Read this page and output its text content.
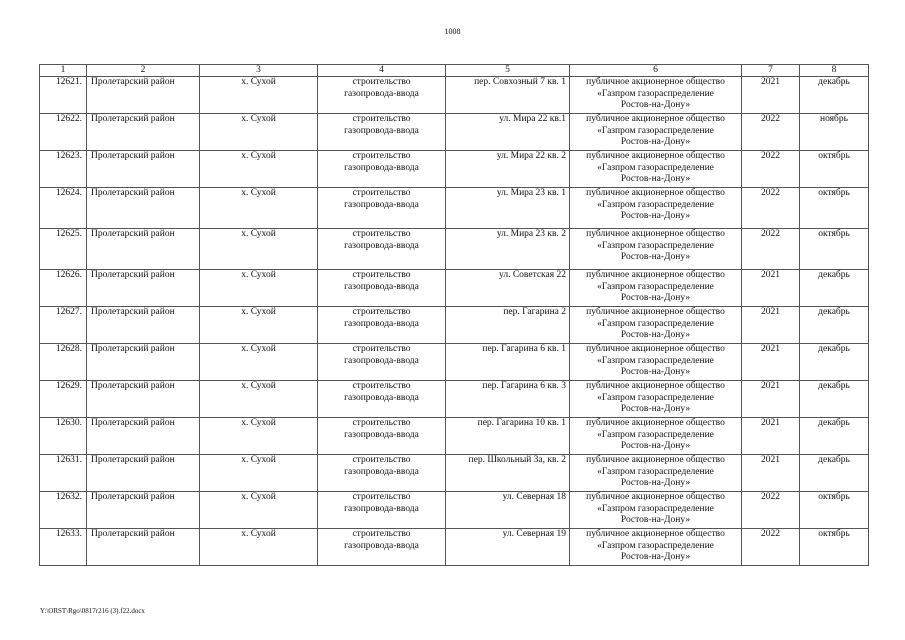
1008
1	2	3	4	5	6	7	8
12621.	Пролетарский район	х. Сухой	строительство
газопровода-ввода	пер. Совхозный 7 кв. 1	публичное акционерное общество
«Газпром газораспределение
Ростов-на-Дону»	2021	декабрь
12622.	Пролетарский район	х. Сухой	строительство
газопровода-ввода	ул. Мира 22 кв.1	публичное акционерное общество
«Газпром газораспределение
Ростов-на-Дону»	2022	ноябрь
12623.	Пролетарский район	х. Сухой	строительство
газопровода-ввода	ул. Мира 22 кв. 2	публичное акционерное общество
«Газпром газораспределение
Ростов-на-Дону»	2022	октябрь
12624.	Пролетарский район	х. Сухой	строительство
газопровода-ввода	ул. Мира 23 кв. 1	публичное акционерное общество
«Газпром газораспределение
Ростов-на-Дону»	2022	октябрь
12625.	Пролетарский район	х. Сухой	строительство
газопровода-ввода	ул. Мира 23 кв. 2	публичное акционерное общество
«Газпром газораспределение
Ростов-на-Дону»	2022	октябрь
12626.	Пролетарский район	х. Сухой	строительство
газопровода-ввода	ул. Советская 22	публичное акционерное общество
«Газпром газораспределение
Ростов-на-Дону»	2021	декабрь
12627.	Пролетарский район	х. Сухой	строительство
газопровода-ввода	пер. Гагарина 2	публичное акционерное общество
«Газпром газораспределение
Ростов-на-Дону»	2021	декабрь
12628.	Пролетарский район	х. Сухой	строительство
газопровода-ввода	пер. Гагарина 6 кв. 1	публичное акционерное общество
«Газпром газораспределение
Ростов-на-Дону»	2021	декабрь
12629.	Пролетарский район	х. Сухой	строительство
газопровода-ввода	пер. Гагарина 6 кв. 3	публичное акционерное общество
«Газпром газораспределение
Ростов-на-Дону»	2021	декабрь
12630.	Пролетарский район	х. Сухой	строительство
газопровода-ввода	пер. Гагарина 10 кв. 1	публичное акционерное общество
«Газпром газораспределение
Ростов-на-Дону»	2021	декабрь
12631.	Пролетарский район	х. Сухой	строительство
газопровода-ввода	пер. Школьный 3а, кв. 2	публичное акционерное общество
«Газпром газораспределение
Ростов-на-Дону»	2021	декабрь
12632.	Пролетарский район	х. Сухой	строительство
газопровода-ввода	ул. Северная 18	публичное акционерное общество
«Газпром газораспределение
Ростов-на-Дону»	2022	октябрь
12633.	Пролетарский район	х. Сухой	строительство
газопровода-ввода	ул. Северная 19	публичное акционерное общество
«Газпром газораспределение
Ростов-на-Дону»	2022	октябрь
Y:\ORST\Rgo\0817r216 (3).f22.docx
